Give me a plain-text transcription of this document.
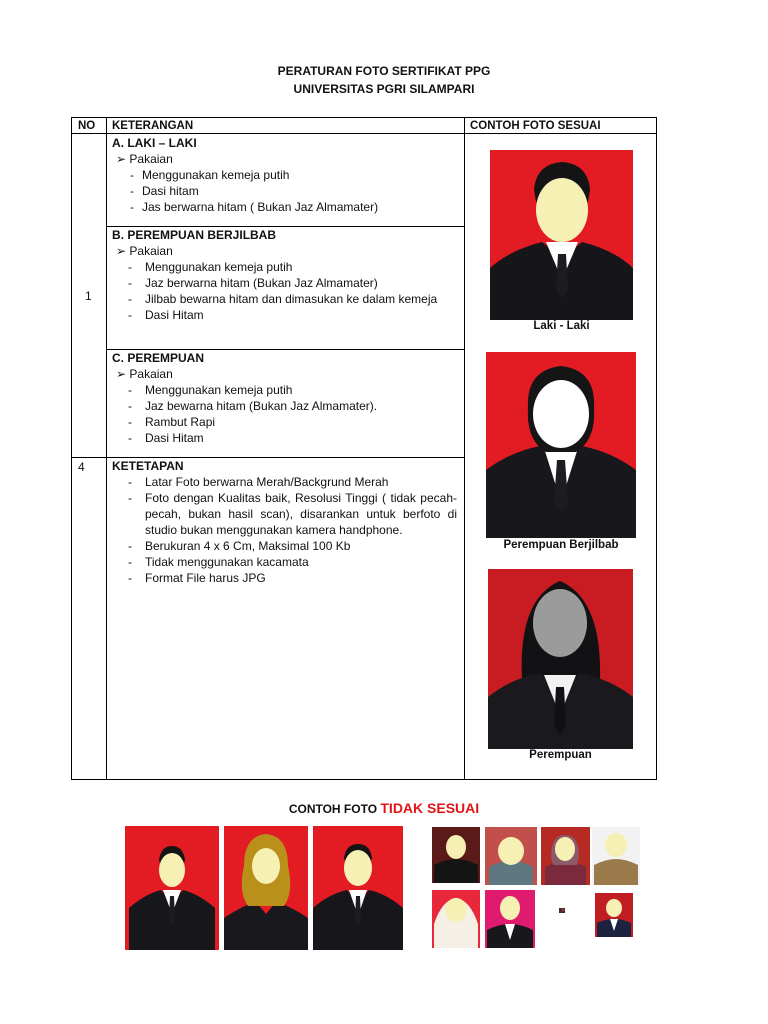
PERATURAN FOTO SERTIFIKAT PPG
UNIVERSITAS PGRI SILAMPARI
NO KETERANGAN	CONTOH FOTO SESUAI
1
4
A. LAKI – LAKI
➢ Pakaian
- Menggunakan kemeja putih
- Dasi hitam
- Jas berwarna hitam ( Bukan Jaz Almamater)
B. PEREMPUAN BERJILBAB
➢ Pakaian
- Menggunakan kemeja putih
- Jaz berwarna hitam (Bukan Jaz Almamater)
- Jilbab bewarna hitam dan dimasukan ke dalam kemeja
- Dasi Hitam
C. PEREMPUAN
➢ Pakaian
- Menggunakan kemeja putih
- Jaz bewarna hitam (Bukan Jaz Almamater).
- Rambut Rapi
- Dasi Hitam
KETETAPAN
- Latar Foto berwarna Merah/Backgrund Merah
- Foto dengan Kualitas baik, Resolusi Tinggi ( tidak pecah-pecah, bukan hasil scan), disarankan untuk berfoto di studio bukan menggunakan kamera handphone.
- Berukuran 4 x 6 Cm, Maksimal 100 Kb
- Tidak menggunakan kacamata
- Format File harus JPG
Laki - Laki
Perempuan Berjilbab
Perempuan
CONTOH FOTO TIDAK SESUAI
